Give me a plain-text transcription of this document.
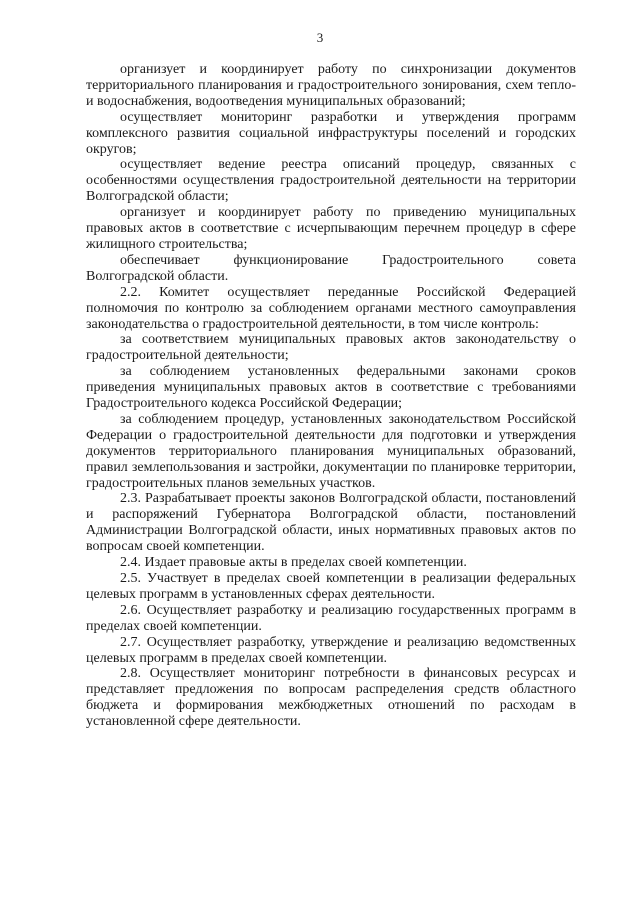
3

организует и координирует работу по синхронизации документов территориального планирования и градостроительного зонирования, схем тепло- и водоснабжения, водоотведения муниципальных образований;

осуществляет мониторинг разработки и утверждения программ комплексного развития социальной инфраструктуры поселений и городских округов;

осуществляет ведение реестра описаний процедур, связанных с особенностями осуществления градостроительной деятельности на территории Волгоградской области;

организует и координирует работу по приведению муниципальных правовых актов в соответствие с исчерпывающим перечнем процедур в сфере жилищного строительства;

обеспечивает функционирование Градостроительного совета Волгоградской области.

2.2. Комитет осуществляет переданные Российской Федерацией полномочия по контролю за соблюдением органами местного самоуправления законодательства о градостроительной деятельности, в том числе контроль:

за соответствием муниципальных правовых актов законодательству о градостроительной деятельности;

за соблюдением установленных федеральными законами сроков приведения муниципальных правовых актов в соответствие с требованиями Градостроительного кодекса Российской Федерации;

за соблюдением процедур, установленных законодательством Российской Федерации о градостроительной деятельности для подготовки и утверждения документов территориального планирования муниципальных образований, правил землепользования и застройки, документации по планировке территории, градостроительных планов земельных участков.

2.3. Разрабатывает проекты законов Волгоградской области, постановлений и распоряжений Губернатора Волгоградской области, постановлений Администрации Волгоградской области, иных нормативных правовых актов по вопросам своей компетенции.

2.4. Издает правовые акты в пределах своей компетенции.

2.5. Участвует в пределах своей компетенции в реализации федеральных целевых программ в установленных сферах деятельности.

2.6. Осуществляет разработку и реализацию государственных программ в пределах своей компетенции.

2.7. Осуществляет разработку, утверждение и реализацию ведомственных целевых программ в пределах своей компетенции.

2.8. Осуществляет мониторинг потребности в финансовых ресурсах и представляет предложения по вопросам распределения средств областного бюджета и формирования межбюджетных отношений по расходам в установленной сфере деятельности.
